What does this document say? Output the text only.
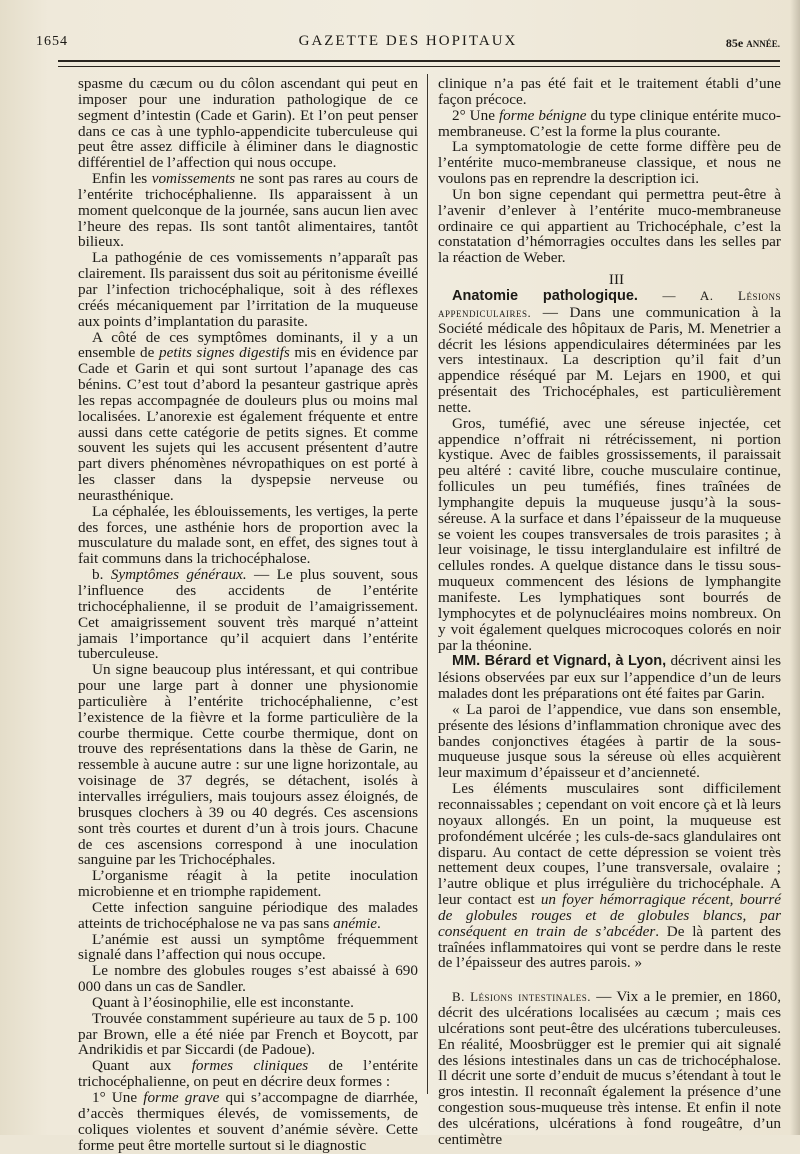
1654	GAZETTE DES HOPITAUX	85e ANNÉE.

spasme du cæcum ou du côlon ascendant qui peut en imposer pour une induration pathologique de ce segment d’intestin (Cade et Garin). Et l’on peut penser dans ce cas à une typhlo-appendicite tuberculeuse qui peut être assez difficile à éliminer dans le diagnostic différentiel de l’affection qui nous occupe.

Enfin les vomissements ne sont pas rares au cours de l’entérite trichocéphalienne. Ils apparaissent à un moment quelconque de la journée, sans aucun lien avec l’heure des repas. Ils sont tantôt alimentaires, tantôt bilieux.

La pathogénie de ces vomissements n’apparaît pas clairement. Ils paraissent dus soit au péritonisme éveillé par l’infection trichocéphalique, soit à des réflexes créés mécaniquement par l’irritation de la muqueuse aux points d’implantation du parasite.

A côté de ces symptômes dominants, il y a un ensemble de petits signes digestifs mis en évidence par Cade et Garin et qui sont surtout l’apanage des cas bénins. C’est tout d’abord la pesanteur gastrique après les repas accompagnée de douleurs plus ou moins mal localisées. L’anorexie est également fréquente et entre aussi dans cette catégorie de petits signes. Et comme souvent les sujets qui les accusent présentent d’autre part divers phénomènes névropathiques on est porté à les classer dans la dyspepsie nerveuse ou neurasthénique.

La céphalée, les éblouissements, les vertiges, la perte des forces, une asthénie hors de proportion avec la musculature du malade sont, en effet, des signes tout à fait communs dans la trichocéphalose.

b. Symptômes généraux. — Le plus souvent, sous l’influence des accidents de l’entérite trichocéphalienne, il se produit de l’amaigrissement. Cet amaigrissement souvent très marqué n’atteint jamais l’importance qu’il acquiert dans l’entérite tuberculeuse.

Un signe beaucoup plus intéressant, et qui contribue pour une large part à donner une physionomie particulière à l’entérite trichocéphalienne, c’est l’existence de la fièvre et la forme particulière de la courbe thermique. Cette courbe thermique, dont on trouve des représentations dans la thèse de Garin, ne ressemble à aucune autre : sur une ligne horizontale, au voisinage de 37 degrés, se détachent, isolés à intervalles irréguliers, mais toujours assez éloignés, de brusques clochers à 39 ou 40 degrés. Ces ascensions sont très courtes et durent d’un à trois jours. Chacune de ces ascensions correspond à une inoculation sanguine par les Trichocéphales.

L’organisme réagit à la petite inoculation microbienne et en triomphe rapidement.

Cette infection sanguine périodique des malades atteints de trichocéphalose ne va pas sans anémie.

L’anémie est aussi un symptôme fréquemment signalé dans l’affection qui nous occupe.

Le nombre des globules rouges s’est abaissé à 690 000 dans un cas de Sandler.

Quant à l’éosinophilie, elle est inconstante.

Trouvée constamment supérieure au taux de 5 p. 100 par Brown, elle a été niée par French et Boycott, par Andrikidis et par Siccardi (de Padoue).

Quant aux formes cliniques de l’entérite trichocéphalienne, on peut en décrire deux formes :

1° Une forme grave qui s’accompagne de diarrhée, d’accès thermiques élevés, de vomissements, de coliques violentes et souvent d’anémie sévère. Cette forme peut être mortelle surtout si le diagnostic

clinique n’a pas été fait et le traitement établi d’une façon précoce.

2° Une forme bénigne du type clinique entérite muco-membraneuse. C’est la forme la plus courante.

La symptomatologie de cette forme diffère peu de l’entérite muco-membraneuse classique, et nous ne voulons pas en reprendre la description ici.

Un bon signe cependant qui permettra peut-être à l’avenir d’enlever à l’entérite muco-membraneuse ordinaire ce qui appartient au Trichocéphale, c’est la constatation d’hémorragies occultes dans les selles par la réaction de Weber.

III

Anatomie pathologique. — A. Lésions appendiculaires. — Dans une communication à la Société médicale des hôpitaux de Paris, M. Menetrier a décrit les lésions appendiculaires déterminées par les vers intestinaux. La description qu’il fait d’un appendice réséqué par M. Lejars en 1900, et qui présentait des Trichocéphales, est particulièrement nette.

Gros, tuméfié, avec une séreuse injectée, cet appendice n’offrait ni rétrécissement, ni portion kystique. Avec de faibles grossissements, il paraissait peu altéré : cavité libre, couche musculaire continue, follicules un peu tuméfiés, fines traînées de lymphangite depuis la muqueuse jusqu’à la sous-séreuse. A la surface et dans l’épaisseur de la muqueuse se voient les coupes transversales de trois parasites ; à leur voisinage, le tissu interglandulaire est infiltré de cellules rondes. A quelque distance dans le tissu sous-muqueux commencent des lésions de lymphangite manifeste. Les lymphatiques sont bourrés de lymphocytes et de polynucléaires moins nombreux. On y voit également quelques microcoques colorés en noir par la théonine.

MM. Bérard et Vignard, à Lyon, décrivent ainsi les lésions observées par eux sur l’appendice d’un de leurs malades dont les préparations ont été faites par Garin.

« La paroi de l’appendice, vue dans son ensemble, présente des lésions d’inflammation chronique avec des bandes conjonctives étagées à partir de la sous-muqueuse jusque sous la séreuse où elles acquièrent leur maximum d’épaisseur et d’ancienneté.

Les éléments musculaires sont difficilement reconnaissables ; cependant on voit encore çà et là leurs noyaux allongés. En un point, la muqueuse est profondément ulcérée ; les culs-de-sacs glandulaires ont disparu. Au contact de cette dépression se voient très nettement deux coupes, l’une transversale, ovalaire ; l’autre oblique et plus irrégulière du trichocéphale. A leur contact est un foyer hémorragique récent, bourré de globules rouges et de globules blancs, par conséquent en train de s’abcéder. De là partent des traînées inflammatoires qui vont se perdre dans le reste de l’épaisseur des autres parois. »

B. Lésions intestinales. — Vix a le premier, en 1860, décrit des ulcérations localisées au cæcum ; mais ces ulcérations sont peut-être des ulcérations tuberculeuses. En réalité, Moosbrügger est le premier qui ait signalé des lésions intestinales dans un cas de trichocéphalose. Il décrit une sorte d’enduit de mucus s’étendant à tout le gros intestin. Il reconnaît également la présence d’une congestion sous-muqueuse très intense. Et enfin il note des ulcérations, ulcérations à fond rougeâtre, d’un centimètre
